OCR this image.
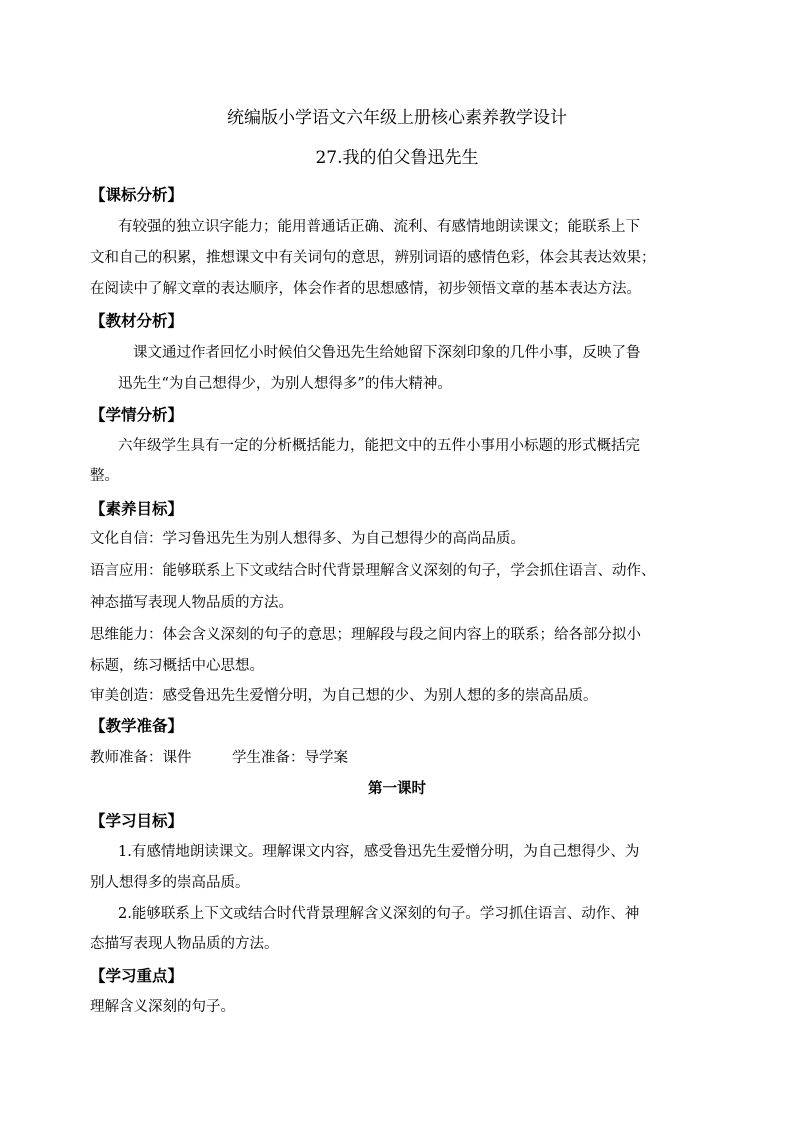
统编版小学语文六年级上册核心素养教学设计
27.我的伯父鲁迅先生
【课标分析】
有较强的独立识字能力；能用普通话正确、流利、有感情地朗读课文；能联系上下
文和自己的积累，推想课文中有关词句的意思，辨别词语的感情色彩，体会其表达效果；
在阅读中了解文章的表达顺序，体会作者的思想感情，初步领悟文章的基本表达方法。
【教材分析】
课文通过作者回忆小时候伯父鲁迅先生给她留下深刻印象的几件小事，反映了鲁
迅先生“为自己想得少，为别人想得多”的伟大精神。
【学情分析】
六年级学生具有一定的分析概括能力，能把文中的五件小事用小标题的形式概括完
整。
【素养目标】
文化自信：学习鲁迅先生为别人想得多、为自己想得少的高尚品质。
语言应用：能够联系上下文或结合时代背景理解含义深刻的句子，学会抓住语言、动作、
神态描写表现人物品质的方法。
思维能力：体会含义深刻的句子的意思；理解段与段之间内容上的联系；给各部分拟小
标题，练习概括中心思想。
审美创造：感受鲁迅先生爱憎分明，为自己想的少、为别人想的多的崇高品质。
【教学准备】
教师准备：课件	学生准备：导学案
第一课时
【学习目标】
1.有感情地朗读课文。理解课文内容，感受鲁迅先生爱憎分明，为自己想得少、为
别人想得多的崇高品质。
2.能够联系上下文或结合时代背景理解含义深刻的句子。学习抓住语言、动作、神
态描写表现人物品质的方法。
【学习重点】
理解含义深刻的句子。
